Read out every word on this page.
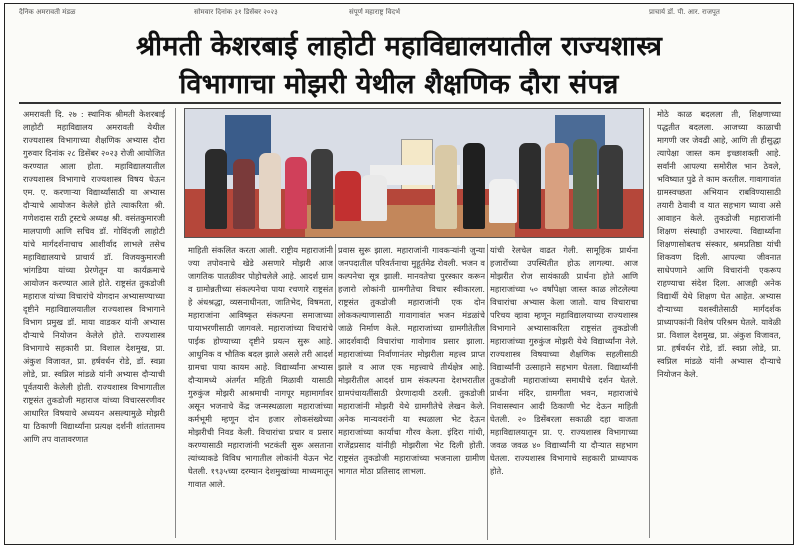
दैनिक अमरावती मंडळ	सोमवार दिनांक ३१ डिसेंबर २०२३	संपूर्ण महाराष्ट्र विदर्भ	प्राचार्य डॉ. पी. आर. राजपूत
श्रीमती केशरबाई लाहोटी महाविद्यालयातील राज्यशास्त्र
विभागाचा मोझरी येथील शैक्षणिक दौरा संपन्न

अमरावती दि. २७ : स्थानिक श्रीमती केशरबाई लाहोटी महाविद्यालय अमरावती येथील राज्यशास्त्र विभागाच्या शैक्षणिक अभ्यास दौरा गुरुवार दिनांक २८ डिसेंबर २०२३ रोजी आयोजित करण्यात आला होता. महाविद्यालयातील राज्यशास्त्र विभागाचे राज्यशास्त्र विषय घेऊन एम. ए. करणाऱ्या विद्यार्थ्यांसाठी या अभ्यास दौऱ्याचे आयोजन केलेले होते त्याकरिता श्री. गणेशदास राठी ट्रस्टचे अध्यक्ष श्री. वसंतकुमारजी मालपाणी आणि सचिव डॉ. गोविंदजी लाहोटी यांचे मार्गदर्शनाचाच आशीर्वाद लाभले तसेच महाविद्यालयाचे प्राचार्य डॉ. विजयकुमारजी भांगडिया यांच्या प्रेरणेतून या कार्यक्रमाचे आयोजन करण्यात आले होते. राष्ट्रसंत तुकडोजी महाराज यांच्या विचारांचे योगदान अभ्यासण्याच्या दृष्टीने महाविद्यालयातील राज्यशास्त्र विभागाने विभाग प्रमुख डॉ. माया वाडकर यांनी अभ्यास दौऱ्याचे नियोजन केलेले होते. राज्यशास्त्र विभागाचे सहकारी प्रा. विशाल देशमुख, प्रा. अंकुश विजावत, प्रा. हर्षवर्धन रोडे, डॉ. स्वप्ना लोडे, प्रा. स्वप्निल मांडळे यांनी अभ्यास दौऱ्याची पूर्वतयारी केलेली होती. राज्यशास्त्र विभागातील राष्ट्रसंत तुकडोजी महाराज यांच्या विचारसरणीवर आधारित विषयाचे अध्ययन असल्यामुळे मोझरी या ठिकाणी विद्यार्थ्यांना प्रत्यक्ष दर्शनी शांततामय आणि तप वातावरणात

माहिती संकलित करता आली. राष्ट्रीय महाराजांनी ज्या तपोवनाचे खेडे असणारे मोझरी आज जागतिक पातळीवर पोहोचलेले आहे. आदर्श ग्राम व ग्रामोन्नतीच्या संकल्पनेचा पाया रचणारे राष्ट्रसंत हे अंधश्रद्धा, व्यसनाधीनता, जातिभेद, विषमता, महाराजांना आविष्कृत संकल्पना समाजाच्या पायाभरणीसाठी जागवले. महाराजांच्या विचारांचे पाईक होण्याच्या दृष्टीने प्रयत्न सुरू आहे. आधुनिक व भौतिक बदल झाले असले तरी आदर्श ग्रामचा पाया कायम आहे. विद्यार्थ्यांना अभ्यास दौऱ्यामध्ये अंतर्गत महिती मिळावी यासाठी गुरुकुंज मोझरी आश्रमाची नागपूर महामार्गावर असून भजनाचे केंद्र जन्मस्थळाला महाराजांच्या कर्मभूमी म्हणून दोन हजार लोकसंख्येच्या मोझरीची निवड केली. विचारांचा प्रचार व प्रसार करण्यासाठी महाराजांनी भटकंती सुरू असताना त्यांच्याकडे विविध भागातील लोकांनी येऊन भेट घेतली. १९३५च्या दरम्यान देशमुखांच्या माध्यमातून गावात आले.

प्रवास सुरू झाला. महाराजांनी गावकऱ्यांनी जुन्या जनपदातील परिवर्तनाचा मुहूर्तमेढ रोवली. भजन व कल्पनेचा सूत्र झाली. मानवतेचा पुरस्कार करून हजारो लोकांनी ग्रामगीतेचा विचार स्वीकारला. राष्ट्रसंत तुकडोजी महाराजांनी एक दोन लोककल्याणासाठी गावागावांत भजन मंडळांचे जाळे निर्माण केले. महाराजांच्या ग्रामगीतेतील आदर्शवादी विचारांचा गावोगाव प्रसार झाला. महाराजांच्या निर्वाणानंतर मोझरीला महत्त्व प्राप्त झाले व आज एक महत्त्वाचे तीर्थक्षेत्र आहे. मोझरीतील आदर्श ग्राम संकल्पना देशभरातील ग्रामपंचायतींसाठी प्रेरणादायी ठरली. तुकडोजी महाराजांनी मोझरी येथे ग्रामगीतेचे लेखन केले. अनेक मान्यवरांनी या स्थळाला भेट देऊन महाराजांच्या कार्याचा गौरव केला. इंदिरा गांधी, राजेंद्रप्रसाद यांनीही मोझरीला भेट दिली होती. राष्ट्रसंत तुकडोजी महाराजांच्या भजनाला ग्रामीण भागात मोठा प्रतिसाद लाभला.

यांची रेलचेल वाढत गेली. सामूहिक प्रार्थना हजारोंच्या उपस्थितीत होऊ लागल्या. आज मोझरीत रोज सायंकाळी प्रार्थना होते आणि महाराजांच्या ५० वर्षांपेक्षा जास्त काळ लोटलेल्या विचारांचा अभ्यास केला जातो. याच विचाराचा परिचय व्हावा म्हणून महाविद्यालयाच्या राज्यशास्त्र विभागाने अभ्यासाकरिता राष्ट्रसंत तुकडोजी महाराजांच्या गुरुकुंज मोझरी येथे विद्यार्थ्यांना नेले. राज्यशास्त्र विषयाच्या शैक्षणिक सहलीसाठी विद्यार्थ्यांनी उत्साहाने सहभाग घेतला. विद्यार्थ्यांनी तुकडोजी महाराजांच्या समाधीचे दर्शन घेतले. प्रार्थना मंदिर, ग्रामगीता भवन, महाराजांचे निवासस्थान आदी ठिकाणी भेट देऊन माहिती घेतली. २० डिसेंबरला सकाळी दहा वाजता महाविद्यालयातून प्रा. ए. राज्यशास्त्र विभागाच्या जवळ जवळ ४० विद्यार्थ्यांनी या दौऱ्यात सहभाग घेतला. राज्यशास्त्र विभागाचे सहकारी प्राध्यापक होते.

मोठे काळ बदलला ती, शिक्षणाच्या पद्धतीत बदलला. आजच्या काळाची मागणी जर जेवढी आहे, आणि ती हीसुद्धा त्यापेक्षा जास्त कम इच्छाशक्ती आहे. सर्वांनी आपल्या समोरील भान ठेवले, भविष्यात पुढे ते काम करतील. गावागावांत ग्रामस्वच्छता अभियान राबविण्यासाठी तयारी ठेवावी व यात सहभाग घ्यावा असे आवाहन केले. तुकडोजी महाराजांनी शिक्षण संस्थाही उभारल्या. विद्यार्थ्यांना शिक्षणासोबतच संस्कार, श्रमप्रतिष्ठा यांची शिकवण दिली. आपल्या जीवनात साधेपणाने आणि विचारांनी एकरूप राहण्याचा संदेश दिला. आजही अनेक विद्यार्थी येथे शिक्षण घेत आहेत. अभ्यास दौऱ्याच्या यशस्वीतेसाठी मार्गदर्शक प्राध्यापकांनी विशेष परिश्रम घेतले. यावेळी प्रा. विशाल देशमुख, प्रा. अंकुश विजावत, प्रा. हर्षवर्धन रोडे, डॉ. स्वप्ना लोडे, प्रा. स्वप्निल मांडळे यांनी अभ्यास दौऱ्याचे नियोजन केले.
